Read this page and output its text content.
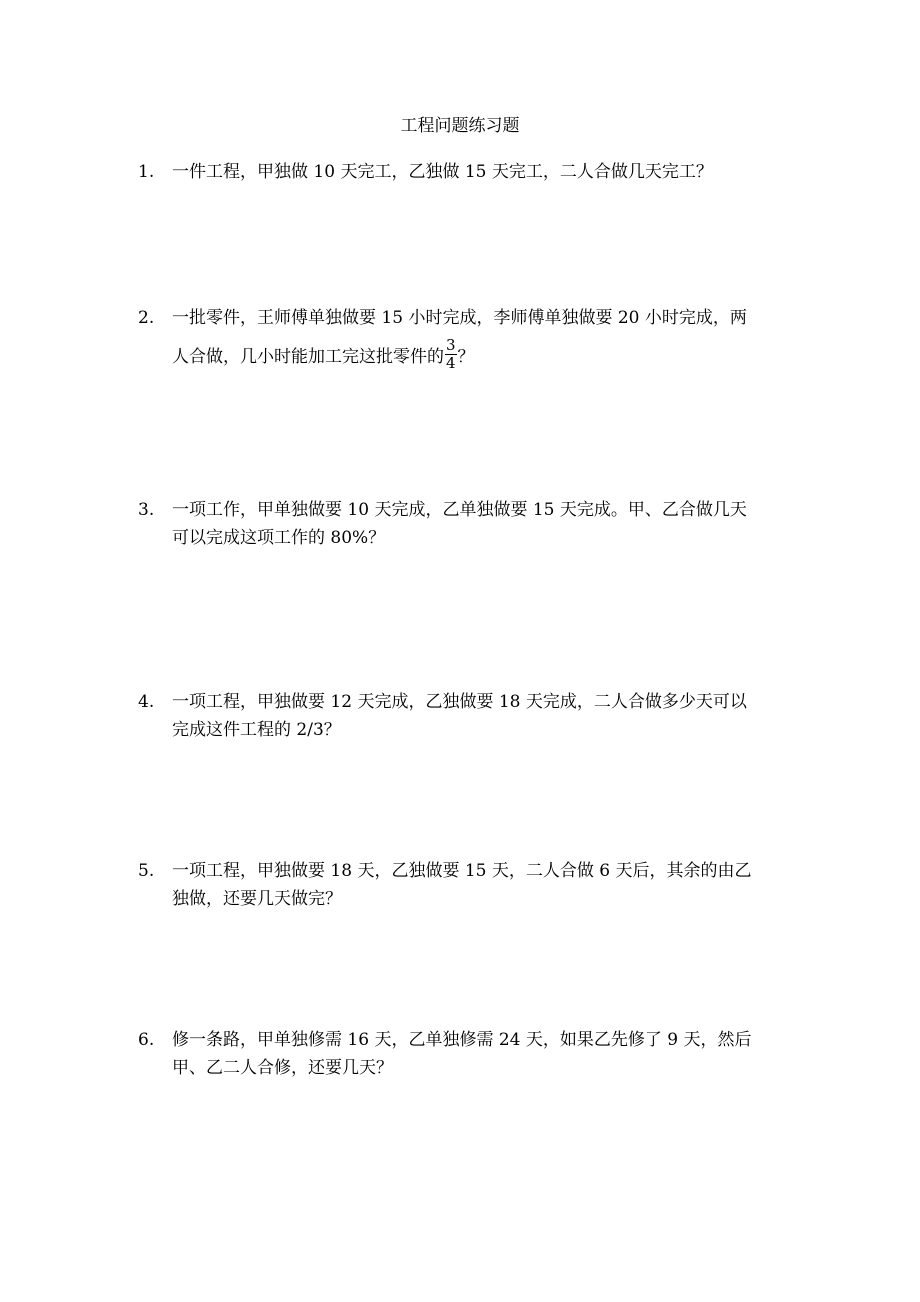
工程问题练习题
1. 一件工程，甲独做 10 天完工，乙独做 15 天完工，二人合做几天完工？
2. 一批零件，王师傅单独做要 15 小时完成，李师傅单独做要 20 小时完成，两
人合做，几小时能加工完这批零件的 $\frac{3}{4}$ ？
3. 一项工作，甲单独做要 10 天完成，乙单独做要 15 天完成。甲、乙合做几天
可以完成这项工作的 80%？
4. 一项工程，甲独做要 12 天完成，乙独做要 18 天完成，二人合做多少天可以
完成这件工程的 2/3？
5. 一项工程，甲独做要 18 天，乙独做要 15 天，二人合做 6 天后，其余的由乙
独做，还要几天做完？
6. 修一条路，甲单独修需 16 天，乙单独修需 24 天，如果乙先修了 9 天，然后
甲、乙二人合修，还要几天？
